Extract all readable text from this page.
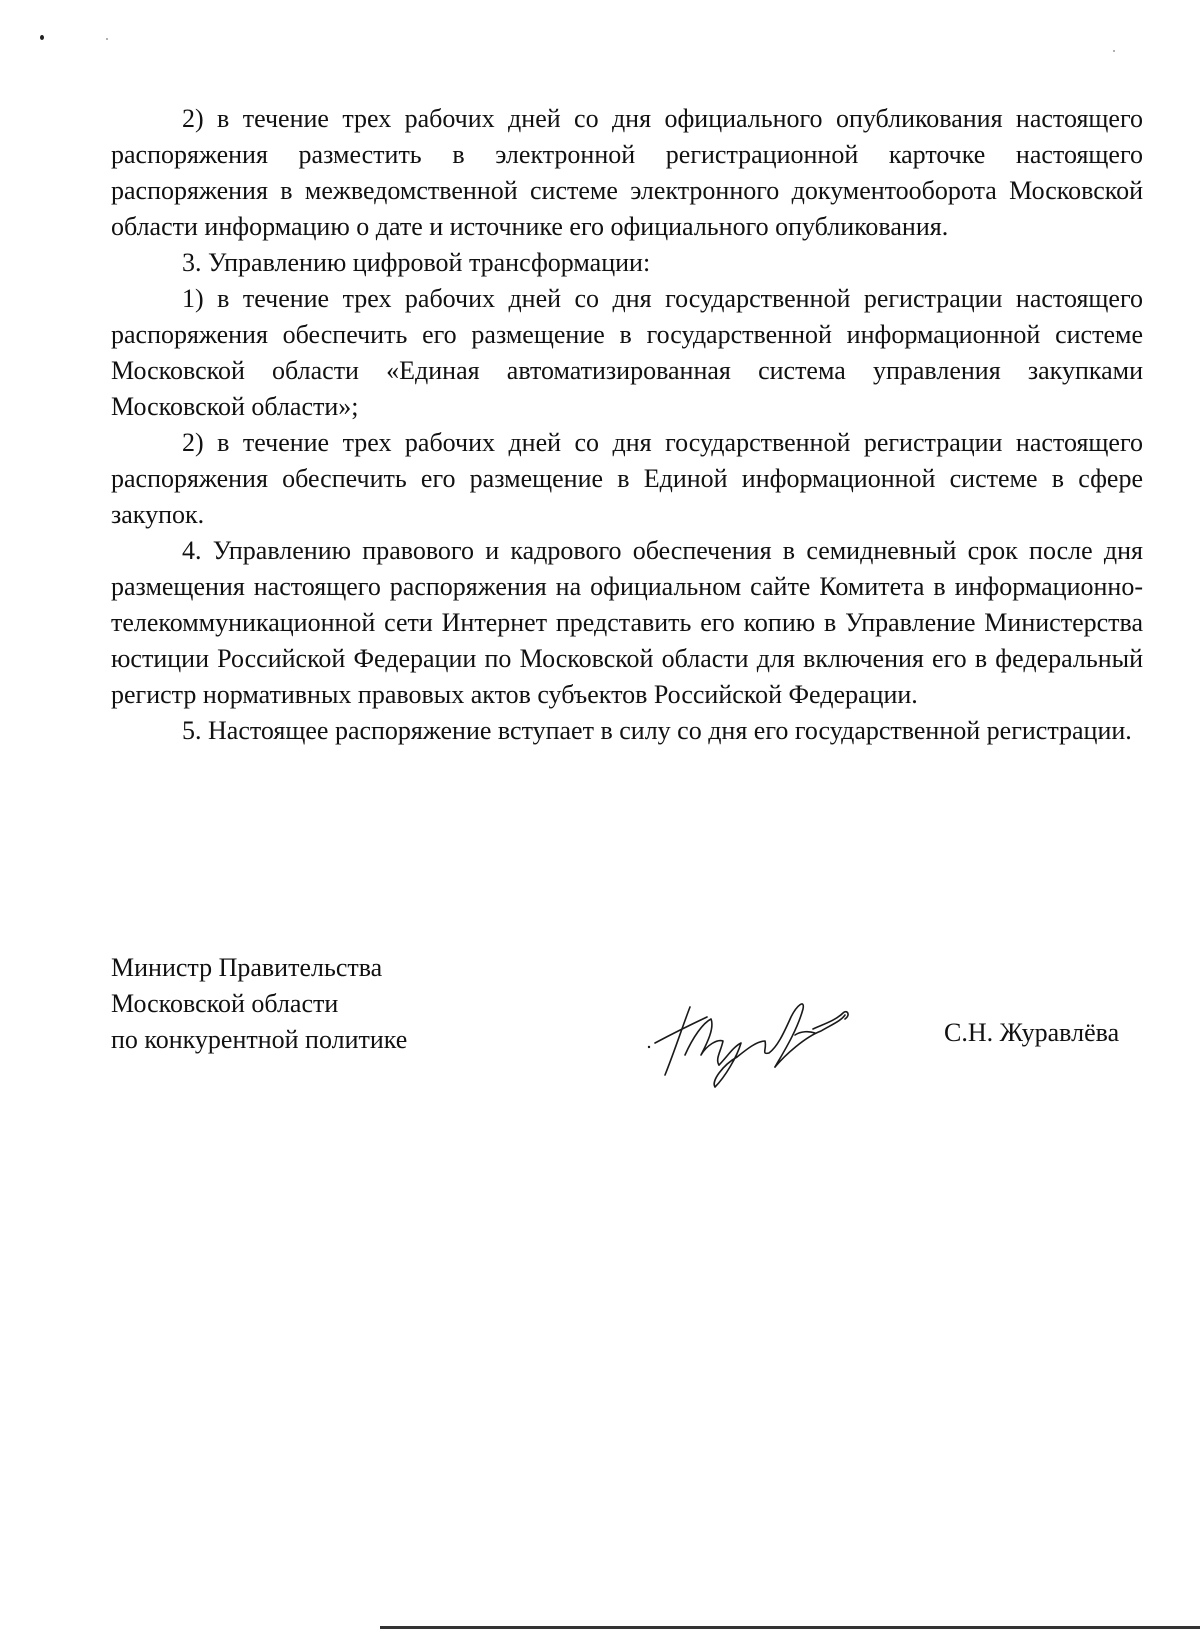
2) в течение трех рабочих дней со дня официального опубликования настоящего распоряжения разместить в электронной регистрационной карточке настоящего распоряжения в межведомственной системе электронного документооборота Московской области информацию о дате и источнике его официального опубликования.

3. Управлению цифровой трансформации:

1) в течение трех рабочих дней со дня государственной регистрации настоящего распоряжения обеспечить его размещение в государственной информационной системе Московской области «Единая автоматизированная система управления закупками Московской области»;

2) в течение трех рабочих дней со дня государственной регистрации настоящего распоряжения обеспечить его размещение в Единой информационной системе в сфере закупок.

4. Управлению правового и кадрового обеспечения в семидневный срок после дня размещения настоящего распоряжения на официальном сайте Комитета в информационно-телекоммуникационной сети Интернет представить его копию в Управление Министерства юстиции Российской Федерации по Московской области для включения его в федеральный регистр нормативных правовых актов субъектов Российской Федерации.

5. Настоящее распоряжение вступает в силу со дня его государственной регистрации.

Министр Правительства
Московской области
по конкурентной политике	С.Н. Журавлёва
